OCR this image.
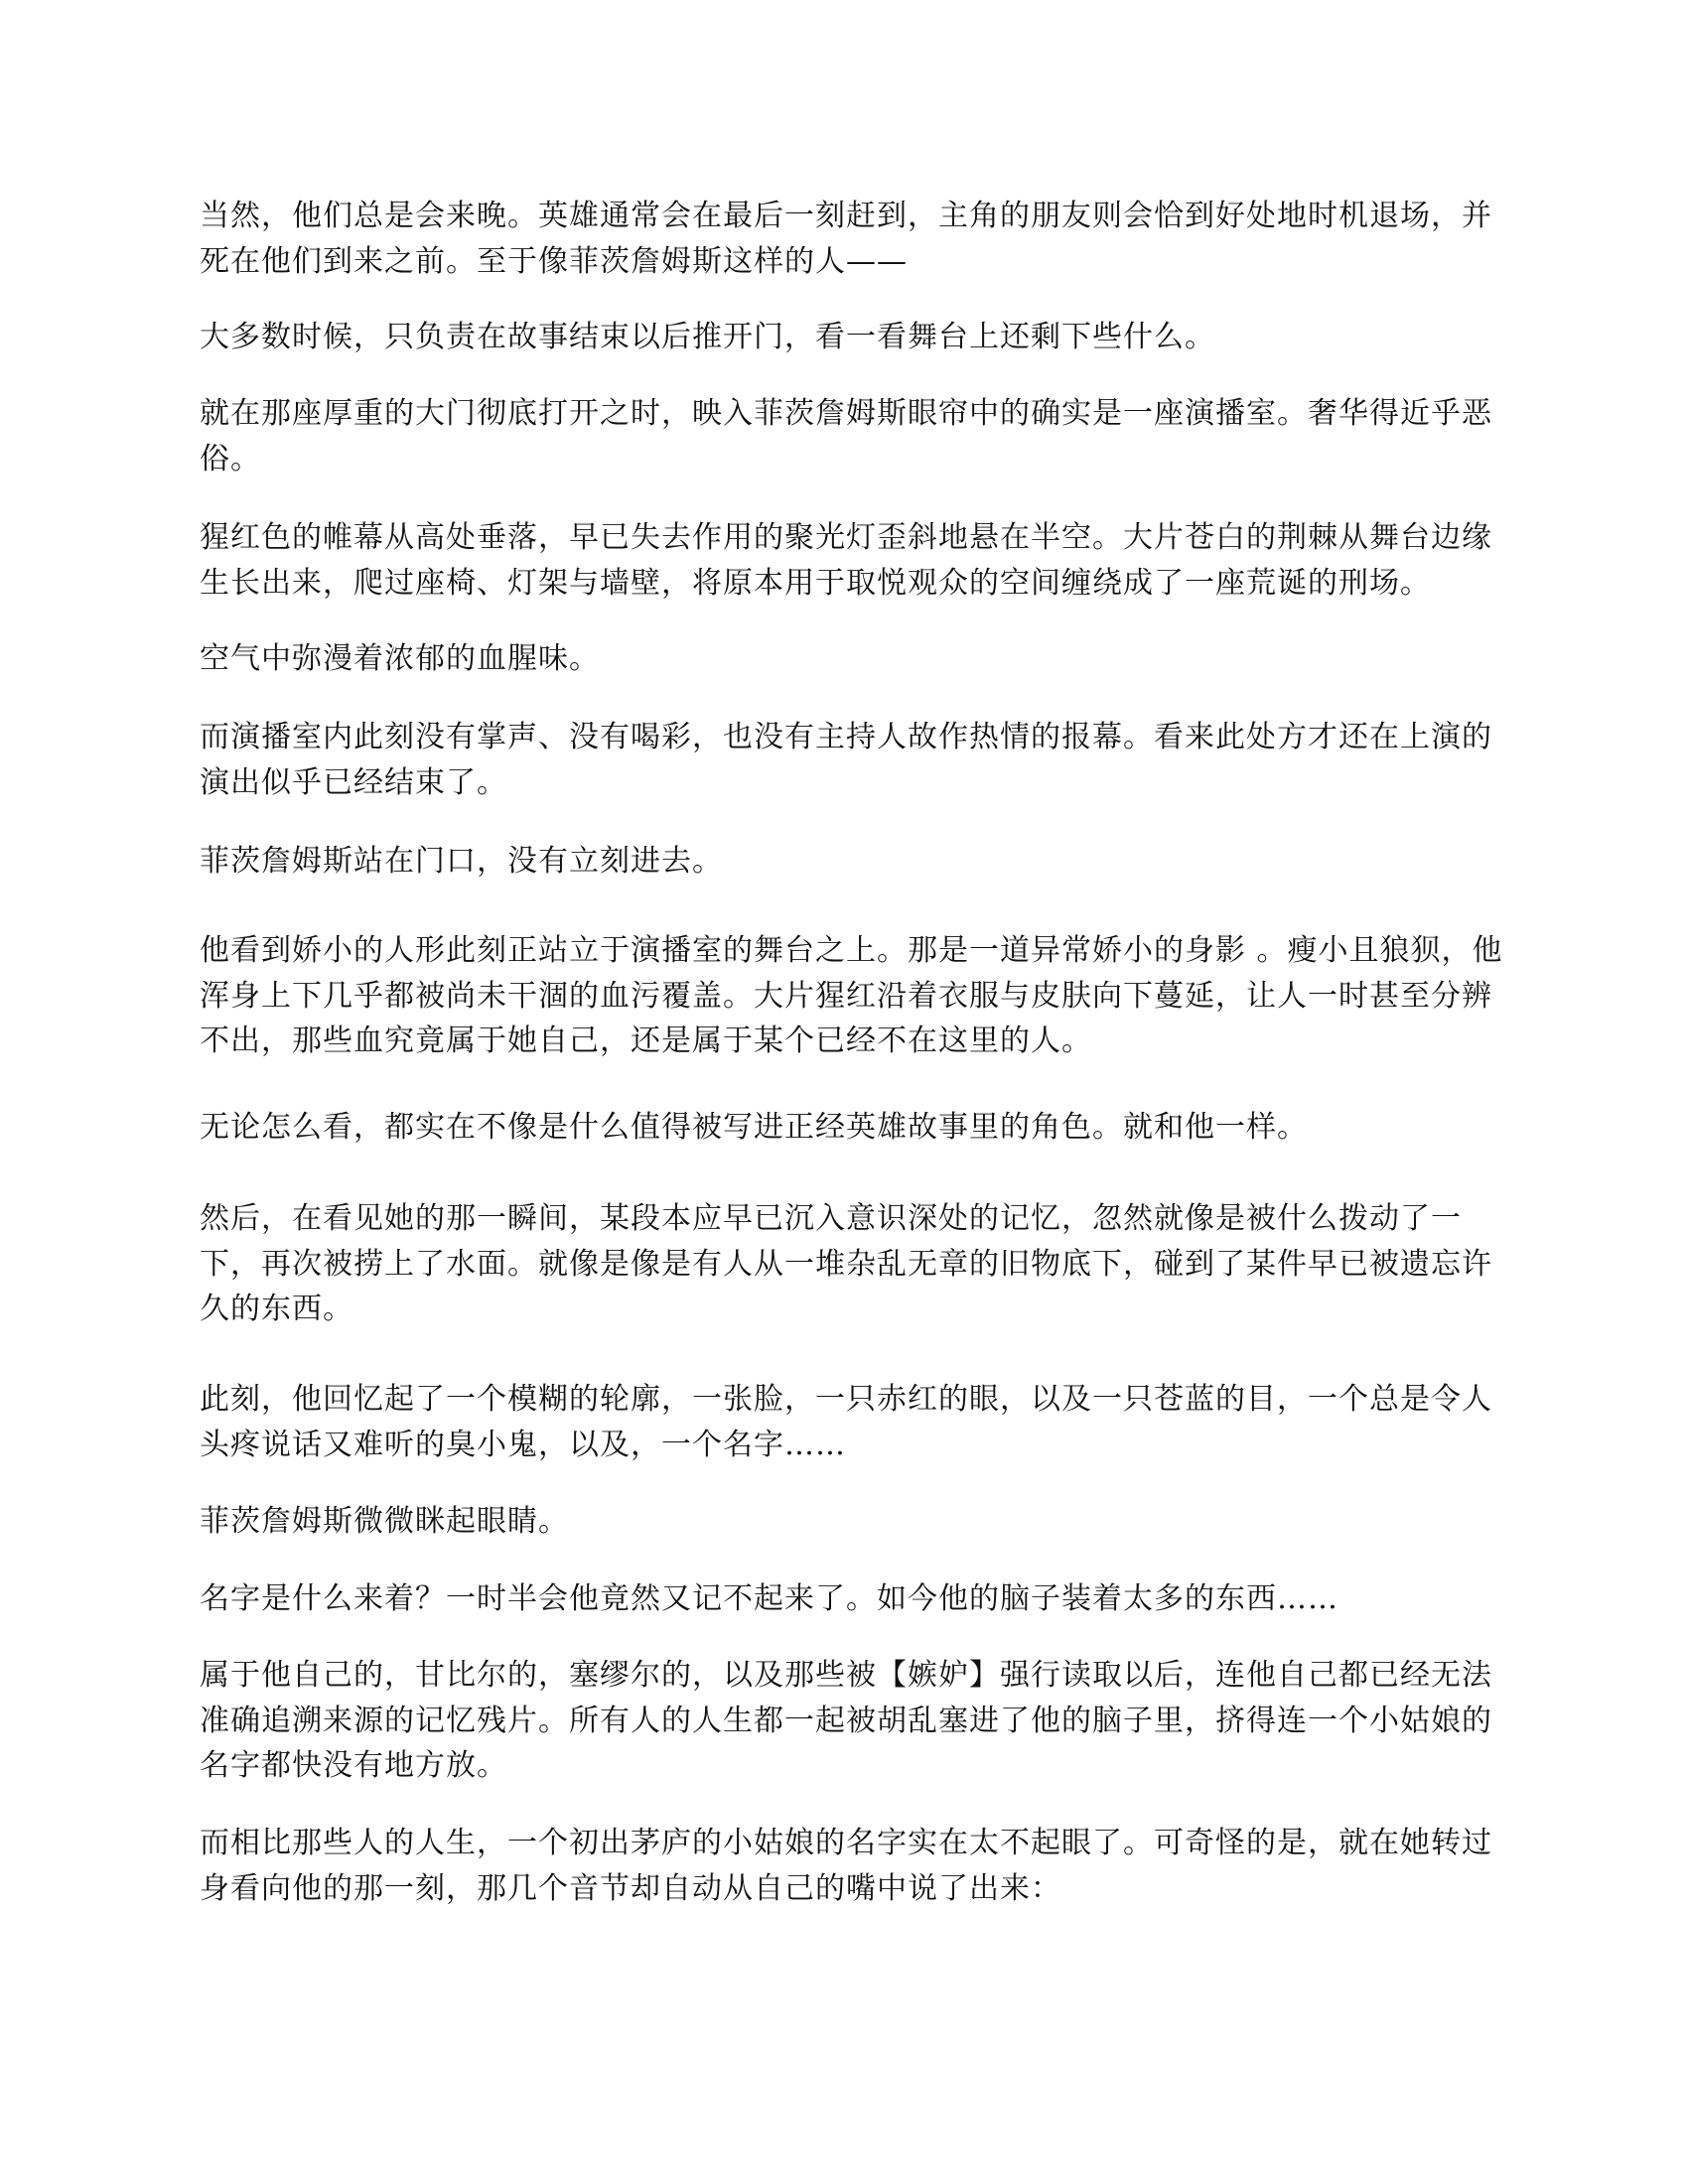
当然，他们总是会来晚。英雄通常会在最后一刻赶到，主角的朋友则会恰到好处地时机退场，并
死在他们到来之前。至于像菲茨詹姆斯这样的人——
大多数时候，只负责在故事结束以后推开门，看一看舞台上还剩下些什么。
就在那座厚重的大门彻底打开之时，映入菲茨詹姆斯眼帘中的确实是一座演播室。奢华得近乎恶
俗。
猩红色的帷幕从高处垂落，早已失去作用的聚光灯歪斜地悬在半空。大片苍白的荆棘从舞台边缘
生长出来，爬过座椅、灯架与墙壁，将原本用于取悦观众的空间缠绕成了一座荒诞的刑场。
空气中弥漫着浓郁的血腥味。
而演播室内此刻没有掌声、没有喝彩，也没有主持人故作热情的报幕。看来此处方才还在上演的
演出似乎已经结束了。
菲茨詹姆斯站在门口，没有立刻进去。
他看到娇小的人形此刻正站立于演播室的舞台之上。那是一道异常娇小的身影 。瘦小且狼狈，他
浑身上下几乎都被尚未干涸的血污覆盖。大片猩红沿着衣服与皮肤向下蔓延，让人一时甚至分辨
不出，那些血究竟属于她自己，还是属于某个已经不在这里的人。
无论怎么看，都实在不像是什么值得被写进正经英雄故事里的角色。就和他一样。
然后，在看见她的那一瞬间，某段本应早已沉入意识深处的记忆，忽然就像是被什么拨动了一
下，再次被捞上了水面。就像是像是有人从一堆杂乱无章的旧物底下，碰到了某件早已被遗忘许
久的东西。
此刻，他回忆起了一个模糊的轮廓，一张脸，一只赤红的眼，以及一只苍蓝的目，一个总是令人
头疼说话又难听的臭小鬼，以及，一个名字……
菲茨詹姆斯微微眯起眼睛。
名字是什么来着？一时半会他竟然又记不起来了。如今他的脑子装着太多的东西……
属于他自己的，甘比尔的，塞缪尔的，以及那些被【嫉妒】强行读取以后，连他自己都已经无法
准确追溯来源的记忆残片。所有人的人生都一起被胡乱塞进了他的脑子里，挤得连一个小姑娘的
名字都快没有地方放。
而相比那些人的人生，一个初出茅庐的小姑娘的名字实在太不起眼了。可奇怪的是，就在她转过
身看向他的那一刻，那几个音节却自动从自己的嘴中说了出来：
